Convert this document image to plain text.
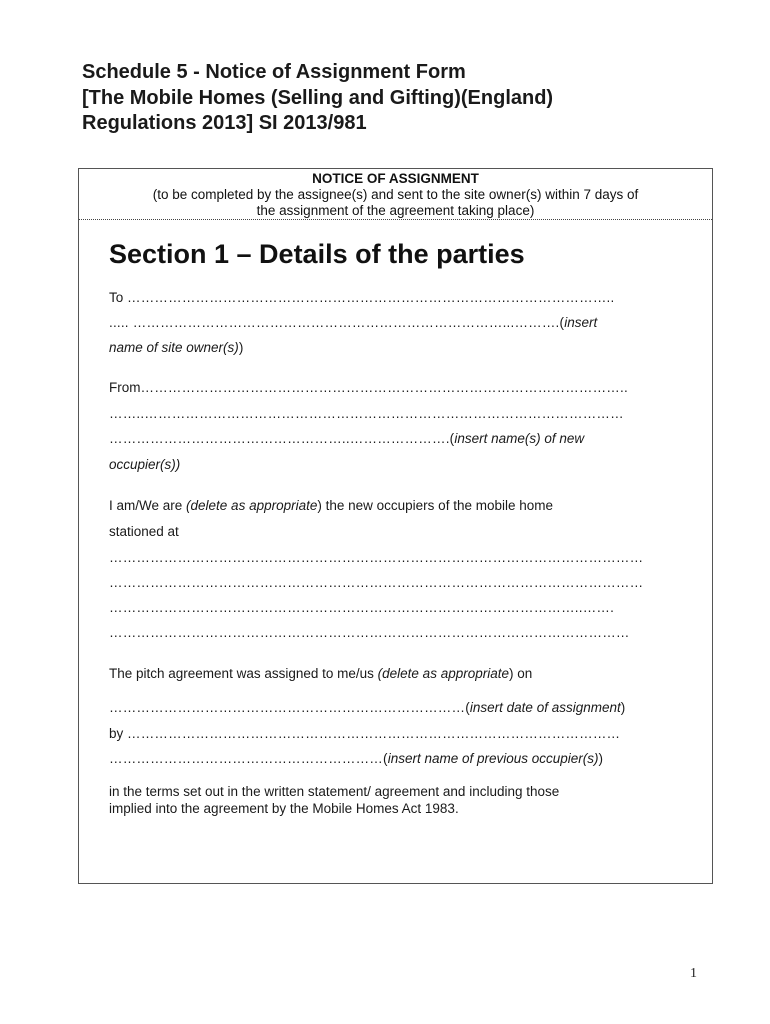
Schedule 5 - Notice of Assignment Form
[The Mobile Homes (Selling and Gifting)(England)
Regulations 2013] SI 2013/981
NOTICE OF ASSIGNMENT
(to be completed by the assignee(s) and sent to the site owner(s) within 7 days of
the assignment of the agreement taking place)
Section 1 – Details of the parties
To ……………………………………………………………………………………………..
..... ………………………………………………………………………...……….(insert
name of site owner(s))
From……………………………………………………………………………………………..
……..……………………………………………………………………………………………
……………………………………………..………………….(insert name(s) of new
occupier(s))
I am/We are (delete as appropriate) the new occupiers of the mobile home
stationed at
………………………………………………………………………………………………………
………………………………………………………………………………………………………
…………………………………………………………………………………………..…….
……………………………………………………………………………………………………
The pitch agreement was assigned to me/us (delete as appropriate) on
……………………………………………………………………(insert date of assignment)
by ………………………………………………………………………………………………
……………………………………………………(insert name of previous occupier(s))
in the terms set out in the written statement/ agreement and including those
implied into the agreement by the Mobile Homes Act 1983.
1
